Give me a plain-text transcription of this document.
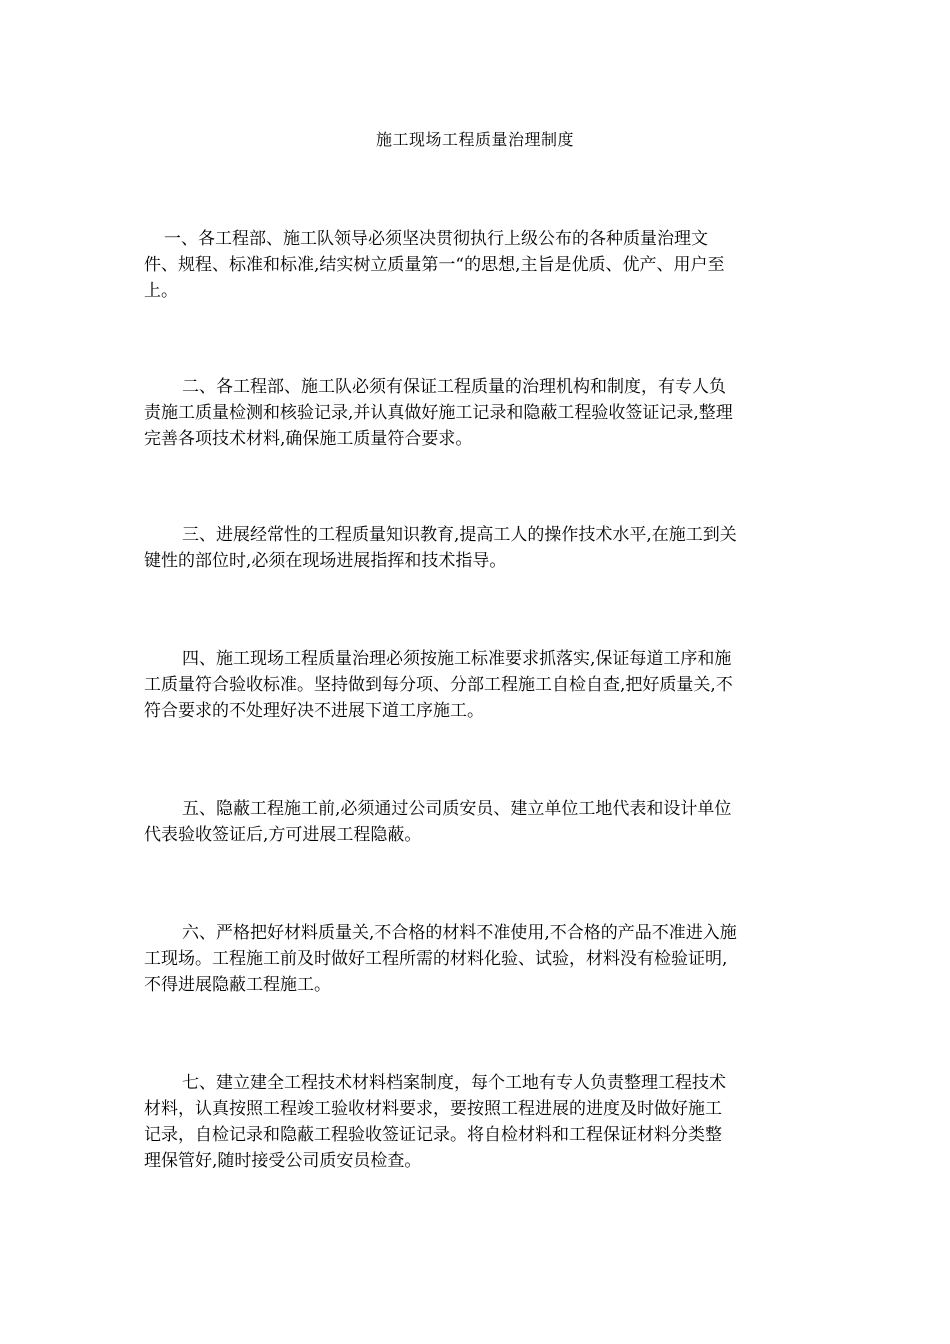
施工现场工程质量治理制度

一、各工程部、施工队领导必须坚决贯彻执行上级公布的各种质量治理文
件、规程、标准和标准,结实树立质量第一“的思想,主旨是优质、优产、用户至
上。

二、各工程部、施工队必须有保证工程质量的治理机构和制度，有专人负
责施工质量检测和核验记录,并认真做好施工记录和隐蔽工程验收签证记录,整理
完善各项技术材料,确保施工质量符合要求。

三、进展经常性的工程质量知识教育,提高工人的操作技术水平,在施工到关
键性的部位时,必须在现场进展指挥和技术指导。

四、施工现场工程质量治理必须按施工标准要求抓落实,保证每道工序和施
工质量符合验收标准。坚持做到每分项、分部工程施工自检自查,把好质量关,不
符合要求的不处理好决不进展下道工序施工。

五、隐蔽工程施工前,必须通过公司质安员、建立单位工地代表和设计单位
代表验收签证后,方可进展工程隐蔽。

六、严格把好材料质量关,不合格的材料不准使用,不合格的产品不准进入施
工现场。工程施工前及时做好工程所需的材料化验、试验，材料没有检验证明,
不得进展隐蔽工程施工。

七、建立建全工程技术材料档案制度，每个工地有专人负责整理工程技术
材料，认真按照工程竣工验收材料要求，要按照工程进展的进度及时做好施工
记录，自检记录和隐蔽工程验收签证记录。将自检材料和工程保证材料分类整
理保管好,随时接受公司质安员检查。
